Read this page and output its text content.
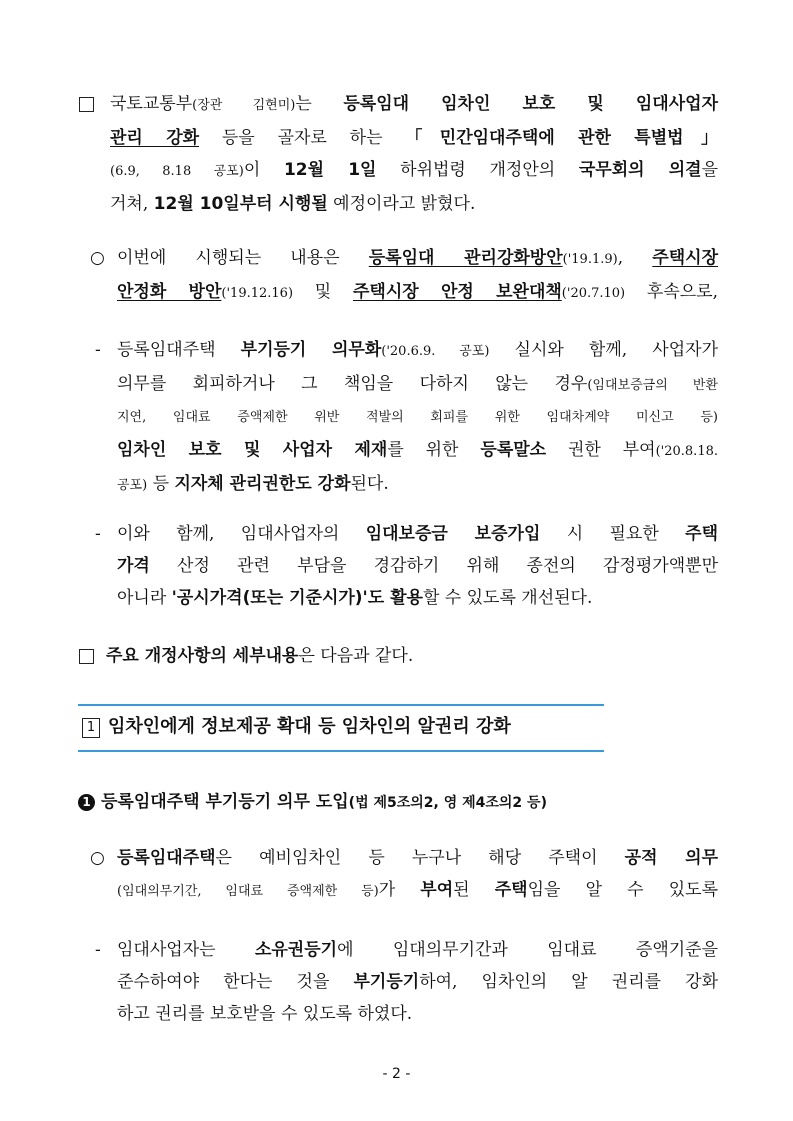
국토교통부(장관 김현미)는 등록임대 임차인 보호 및 임대사업자
관리 강화 등을 골자로 하는 「민간임대주택에 관한 특별법」
(6.9, 8.18 공포)이 12월 1일 하위법령 개정안의 국무회의 의결을
거쳐, 12월 10일부터 시행될 예정이라고 밝혔다.
○ 이번에 시행되는 내용은 등록임대 관리강화방안('19.1.9), 주택시장
안정화 방안('19.12.16) 및 주택시장 안정 보완대책('20.7.10) 후속으로,
- 등록임대주택 부기등기 의무화('20.6.9. 공포) 실시와 함께, 사업자가
의무를 회피하거나 그 책임을 다하지 않는 경우(임대보증금의 반환
지연, 임대료 증액제한 위반 적발의 회피를 위한 임대차계약 미신고 등)
임차인 보호 및 사업자 제재를 위한 등록말소 권한 부여('20.8.18.
공포) 등 지자체 관리권한도 강화된다.
- 이와 함께, 임대사업자의 임대보증금 보증가입 시 필요한 주택
가격 산정 관련 부담을 경감하기 위해 종전의 감정평가액뿐만
아니라 '공시가격(또는 기준시가)'도 활용할 수 있도록 개선된다.
주요 개정사항의 세부내용은 다음과 같다.
1 임차인에게 정보제공 확대 등 임차인의 알권리 강화
1 등록임대주택 부기등기 의무 도입(법 제5조의2, 영 제4조의2 등)
○ 등록임대주택은 예비임차인 등 누구나 해당 주택이 공적 의무
(임대의무기간, 임대료 증액제한 등)가 부여된 주택임을 알 수 있도록
- 임대사업자는 소유권등기에 임대의무기간과 임대료 증액기준을
준수하여야 한다는 것을 부기등기하여, 임차인의 알 권리를 강화
하고 권리를 보호받을 수 있도록 하였다.
- 2 -
